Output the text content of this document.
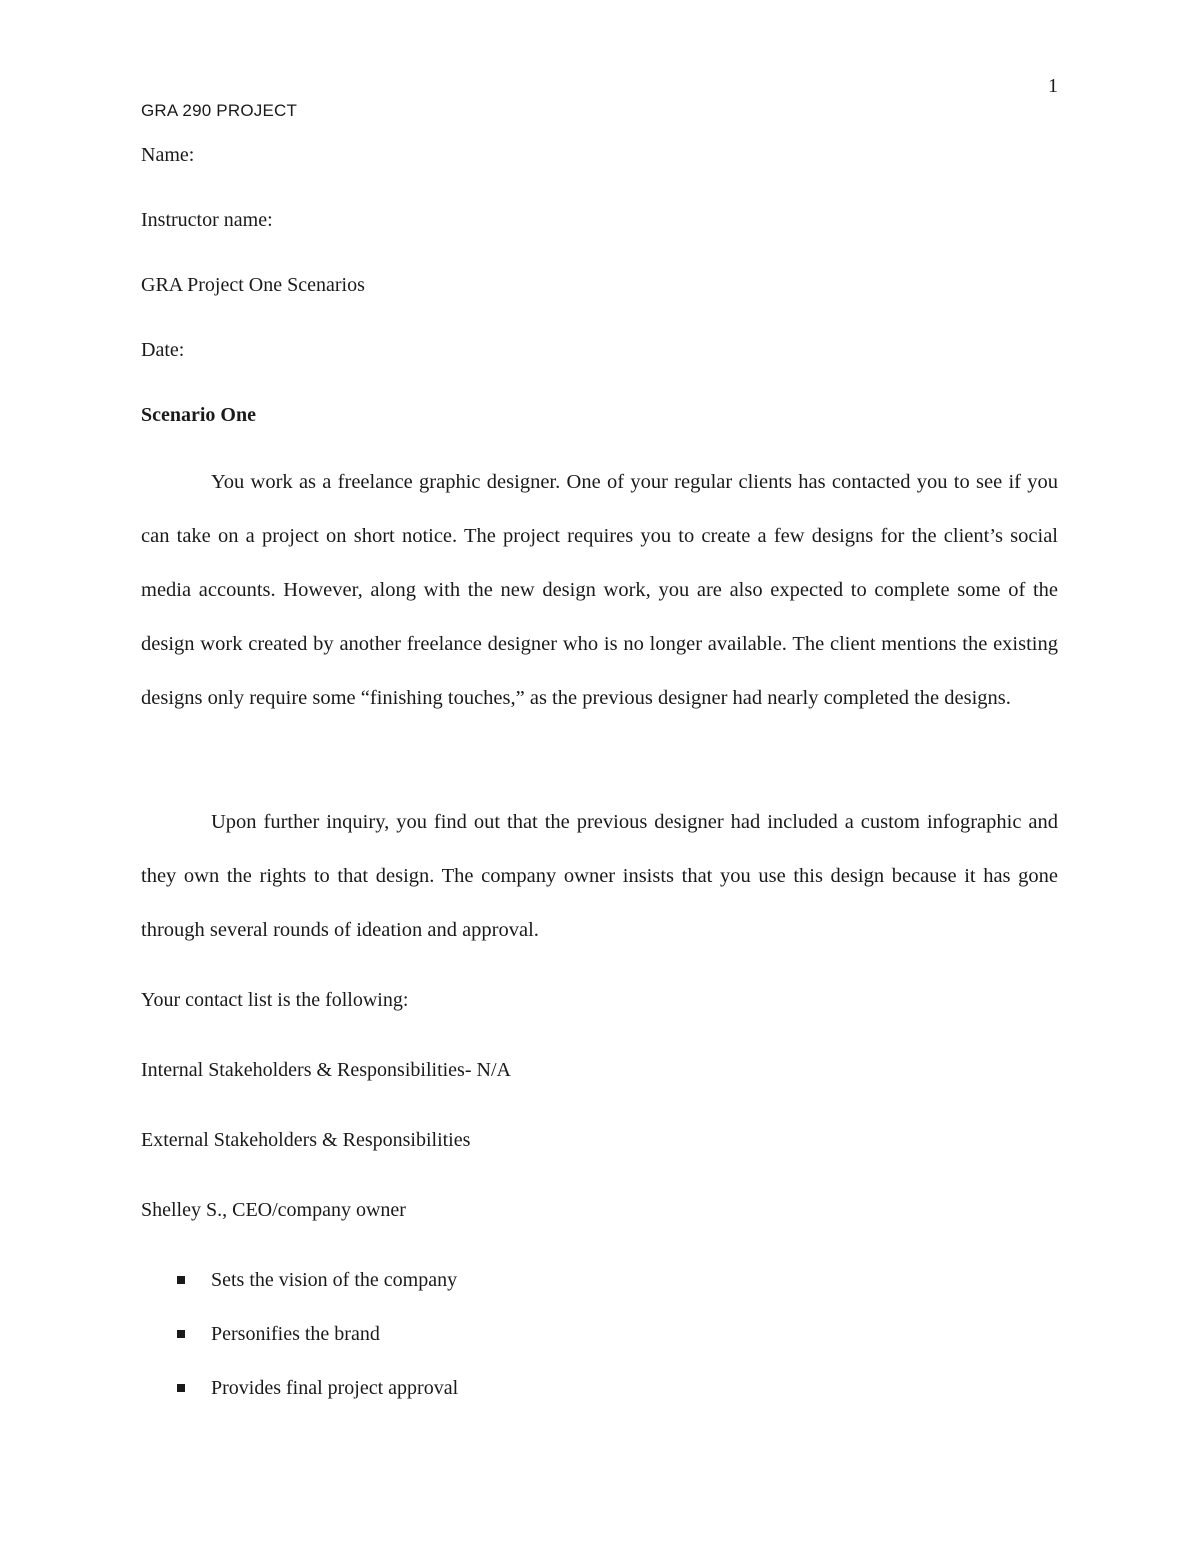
1
GRA 290 PROJECT
Name:
Instructor name:
GRA Project One Scenarios
Date:
Scenario One

You work as a freelance graphic designer. One of your regular clients has contacted you to see if you can take on a project on short notice. The project requires you to create a few designs for the client’s social media accounts. However, along with the new design work, you are also expected to complete some of the design work created by another freelance designer who is no longer available. The client mentions the existing designs only require some “finishing touches,” as the previous designer had nearly completed the designs.

Upon further inquiry, you find out that the previous designer had included a custom infographic and they own the rights to that design. The company owner insists that you use this design because it has gone through several rounds of ideation and approval.

Your contact list is the following:
Internal Stakeholders & Responsibilities- N/A
External Stakeholders & Responsibilities
Shelley S., CEO/company owner
Sets the vision of the company
Personifies the brand
Provides final project approval
